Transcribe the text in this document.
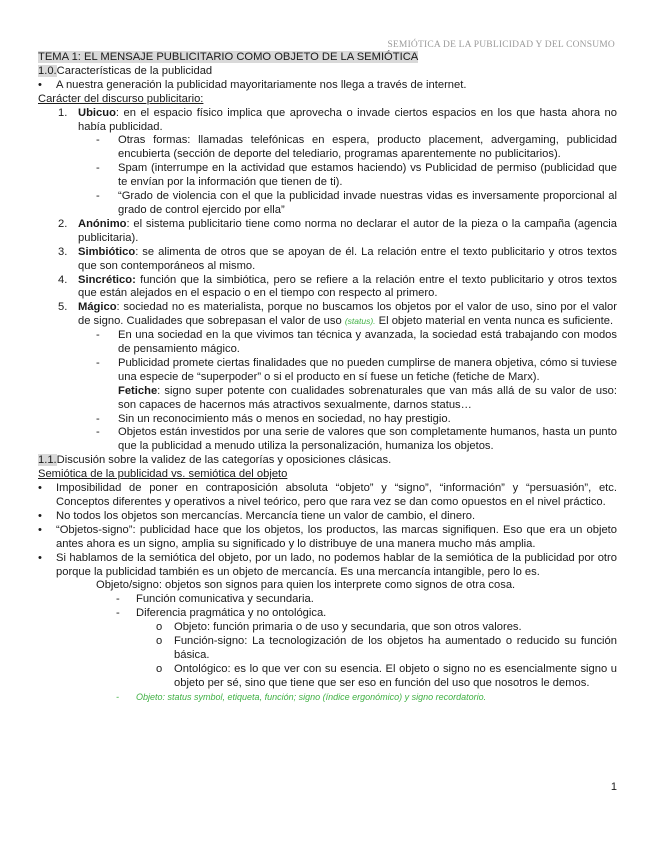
SEMIÓTICA DE LA PUBLICIDAD Y DEL CONSUMO

TEMA 1: EL MENSAJE PUBLICITARIO COMO OBJETO DE LA SEMIÓTICA

1.0.Características de la publicidad

•	A nuestra generación la publicidad mayoritariamente nos llega a través de internet.

Carácter del discurso publicitario:

1. Ubicuo: en el espacio físico implica que aprovecha o invade ciertos espacios en los que hasta ahora no había publicidad.
-	Otras formas: llamadas telefónicas en espera, producto placement, advergaming, publicidad encubierta (sección de deporte del telediario, programas aparentemente no publicitarios).
-	Spam (interrumpe en la actividad que estamos haciendo) vs Publicidad de permiso (publicidad que te envían por la información que tienen de ti).
-	“Grado de violencia con el que la publicidad invade nuestras vidas es inversamente proporcional al grado de control ejercido por ella”
2. Anónimo: el sistema publicitario tiene como norma no declarar el autor de la pieza o la campaña (agencia publicitaria).
3. Simbiótico: se alimenta de otros que se apoyan de él. La relación entre el texto publicitario y otros textos que son contemporáneos al mismo.
4. Sincrético: función que la simbiótica, pero se refiere a la relación entre el texto publicitario y otros textos que están alejados en el espacio o en el tiempo con respecto al primero.
5. Mágico: sociedad no es materialista, porque no buscamos los objetos por el valor de uso, sino por el valor de signo. Cualidades que sobrepasan el valor de uso (status). El objeto material en venta nunca es suficiente.
-	En una sociedad en la que vivimos tan técnica y avanzada, la sociedad está trabajando con modos de pensamiento mágico.
-	Publicidad promete ciertas finalidades que no pueden cumplirse de manera objetiva, cómo si tuviese una especie de “superpoder” o si el producto en sí fuese un fetiche (fetiche de Marx).
Fetiche: signo super potente con cualidades sobrenaturales que van más allá de su valor de uso: son capaces de hacernos más atractivos sexualmente, darnos status…
-	Sin un reconocimiento más o menos en sociedad, no hay prestigio.
-	Objetos están investidos por una serie de valores que son completamente humanos, hasta un punto que la publicidad a menudo utiliza la personalización, humaniza los objetos.

1.1.Discusión sobre la validez de las categorías y oposiciones clásicas.

Semiótica de la publicidad vs. semiótica del objeto

•	Imposibilidad de poner en contraposición absoluta “objeto” y “signo”, “información” y “persuasión”, etc. Conceptos diferentes y operativos a nivel teórico, pero que rara vez se dan como opuestos en el nivel práctico.
•	No todos los objetos son mercancías. Mercancía tiene un valor de cambio, el dinero.
•	“Objetos-signo”: publicidad hace que los objetos, los productos, las marcas signifiquen. Eso que era un objeto antes ahora es un signo, amplia su significado y lo distribuye de una manera mucho más amplia.
•	Si hablamos de la semiótica del objeto, por un lado, no podemos hablar de la semiótica de la publicidad por otro porque la publicidad también es un objeto de mercancía. Es una mercancía intangible, pero lo es.

Objeto/signo: objetos son signos para quien los interprete como signos de otra cosa.

-	Función comunicativa y secundaria.
-	Diferencia pragmática y no ontológica.
o	Objeto: función primaria o de uso y secundaria, que son otros valores.
o	Función-signo: La tecnologización de los objetos ha aumentado o reducido su función básica.
o	Ontológico: es lo que ver con su esencia. El objeto o signo no es esencialmente signo u objeto per sé, sino que tiene que ser eso en función del uso que nosotros le demos.
-	Objeto: status symbol, etiqueta, función; signo (índice ergonómico) y signo recordatorio.
1
